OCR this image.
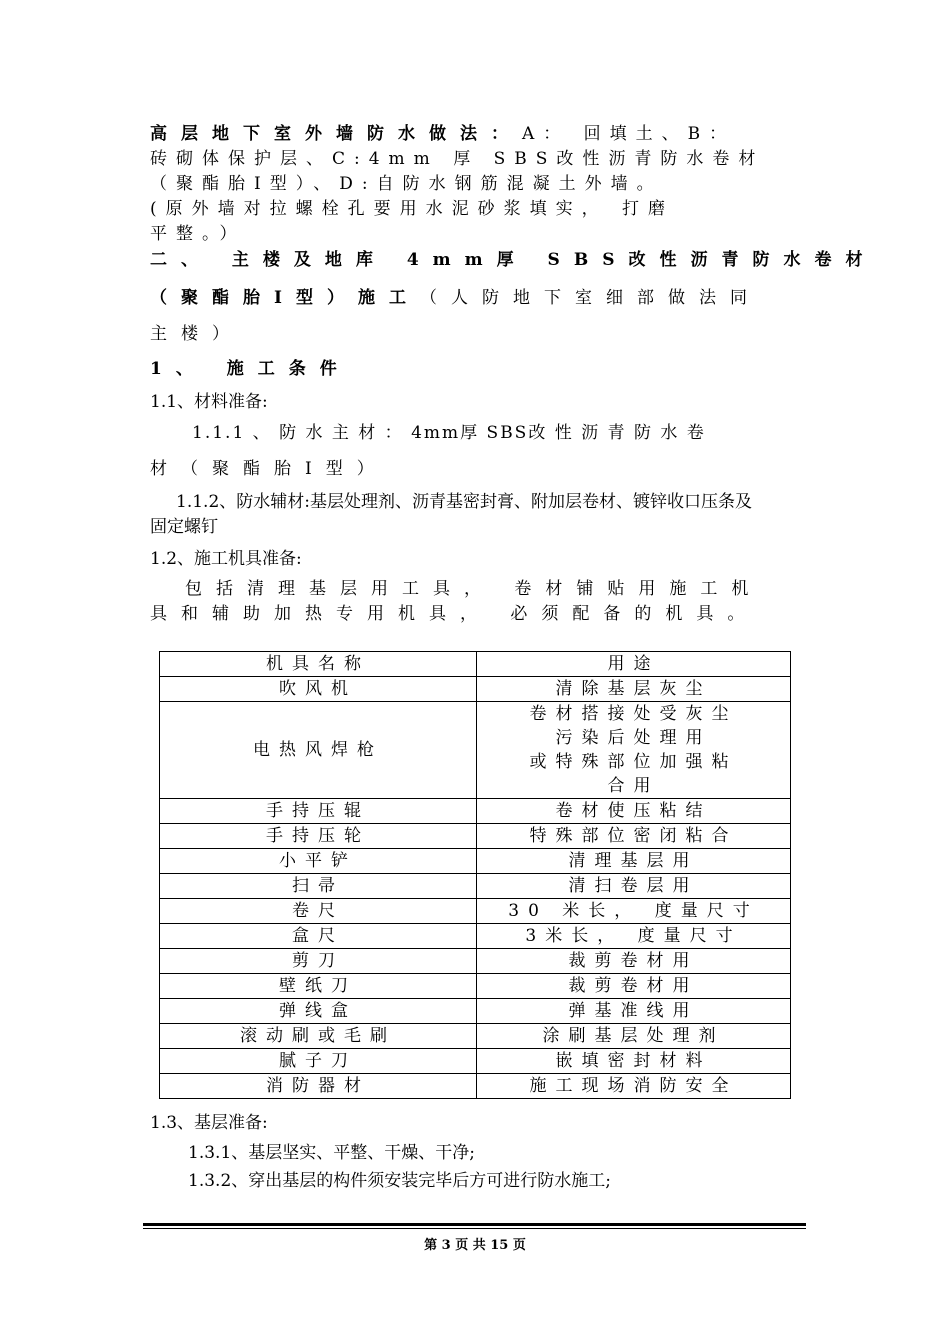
高层地下室外墙防水做法：A： 回填土、B：
砖砌体保护层、C:4mm 厚 SBS改性沥青防水卷材
（聚酯胎Ⅰ型）、D:自防水钢筋混凝土外墙。
(原外墙对拉螺栓孔要用水泥砂浆填实， 打磨
平整。）
二、 主楼及地库 4mm厚 SBS改性沥青防水卷材
（聚酯胎Ⅰ型）施工（人防地下室细部做法同
主楼）
1、 施工条件
1.1、材料准备:
1.1.1 、 防 水 主 材 ： 4mm厚 SBS改 性 沥 青 防 水 卷
材（聚酯胎Ⅰ型）
1.1.2、防水辅材:基层处理剂、沥青基密封膏、附加层卷材、镀锌收口压条及
固定螺钉
1.2、施工机具准备:
包括清理基层用工具， 卷材铺贴用施工机
具和辅助加热专用机具， 必须配备的机具。
机具名称	用途
吹风机	清除基层灰尘
电热风焊枪	卷材搭接处受灰尘
污染后处理用
或特殊部位加强粘
合用

手持压辊	卷材使压粘结
手持压轮	特殊部位密闭粘合
小平铲	清理基层用
扫帚	清扫卷层用
卷尺	30 米长， 度量尺寸
盒尺	3米长， 度量尺寸
剪刀	裁剪卷材用
壁纸刀	裁剪卷材用
弹线盒	弹基准线用
滚动刷或毛刷	涂刷基层处理剂
腻子刀	嵌填密封材料
消防器材	施工现场消防安全
1.3、基层准备:
1.3.1、基层坚实、平整、干燥、干净;
1.3.2、穿出基层的构件须安装完毕后方可进行防水施工;
第 3 页 共 15 页
